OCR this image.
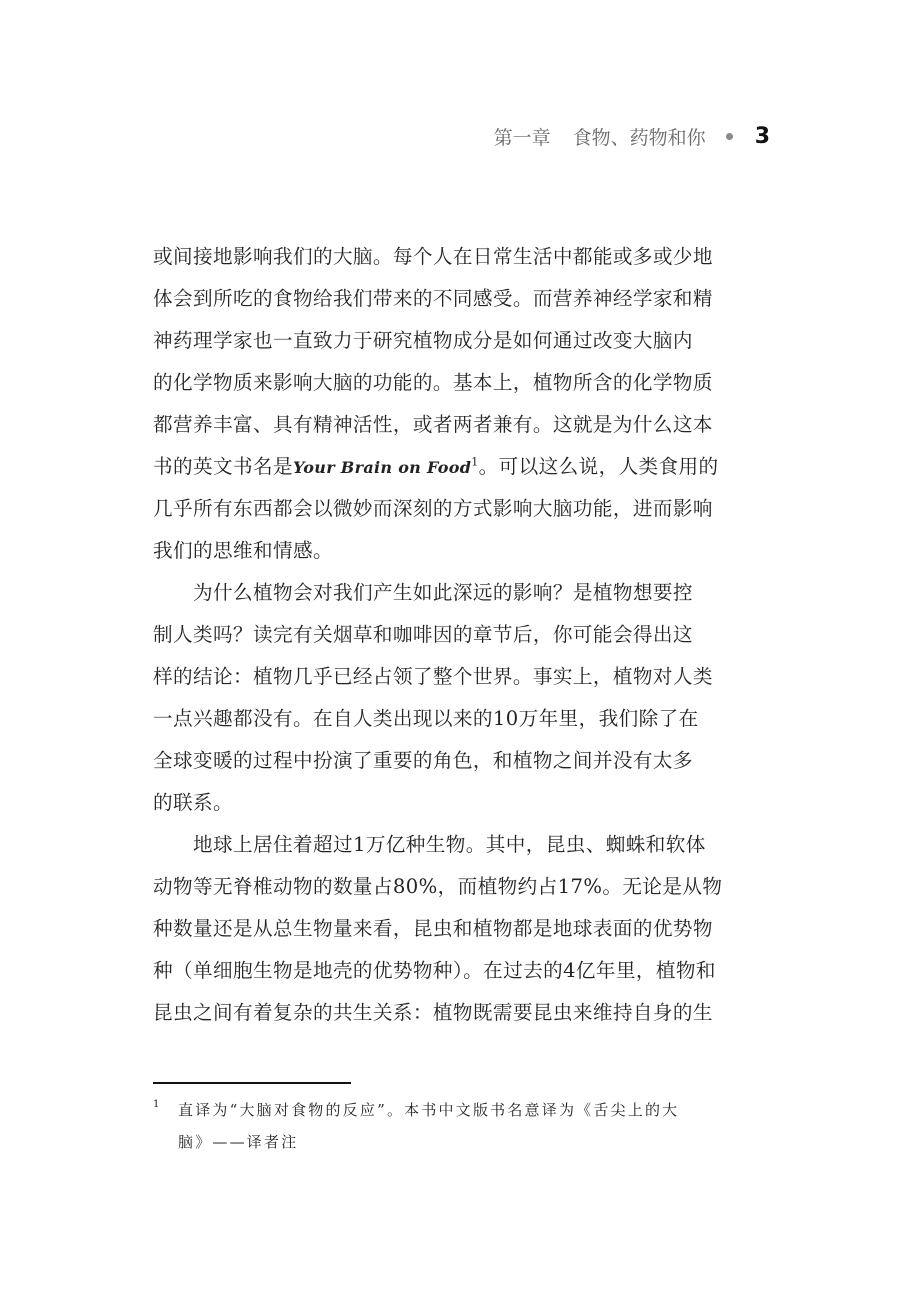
第一章 食物、药物和你 3
或间接地影响我们的大脑。每个人在日常生活中都能或多或少地
体会到所吃的食物给我们带来的不同感受。而营养神经学家和精
神药理学家也一直致力于研究植物成分是如何通过改变大脑内
的化学物质来影响大脑的功能的。基本上，植物所含的化学物质
都营养丰富、具有精神活性，或者两者兼有。这就是为什么这本
书的英文书名是Your Brain on Food$^1$。可以这么说，人类食用的
几乎所有东西都会以微妙而深刻的方式影响大脑功能，进而影响
我们的思维和情感。
为什么植物会对我们产生如此深远的影响？是植物想要控
制人类吗？读完有关烟草和咖啡因的章节后，你可能会得出这
样的结论：植物几乎已经占领了整个世界。事实上，植物对人类
一点兴趣都没有。在自人类出现以来的10万年里，我们除了在
全球变暖的过程中扮演了重要的角色，和植物之间并没有太多
的联系。
地球上居住着超过1万亿种生物。其中，昆虫、蜘蛛和软体
动物等无脊椎动物的数量占80%，而植物约占17%。无论是从物
种数量还是从总生物量来看，昆虫和植物都是地球表面的优势物
种（单细胞生物是地壳的优势物种）。在过去的4亿年里，植物和
昆虫之间有着复杂的共生关系：植物既需要昆虫来维持自身的生
1 直译为“大脑对食物的反应”。本书中文版书名意译为《舌尖上的大
脑》——译者注
